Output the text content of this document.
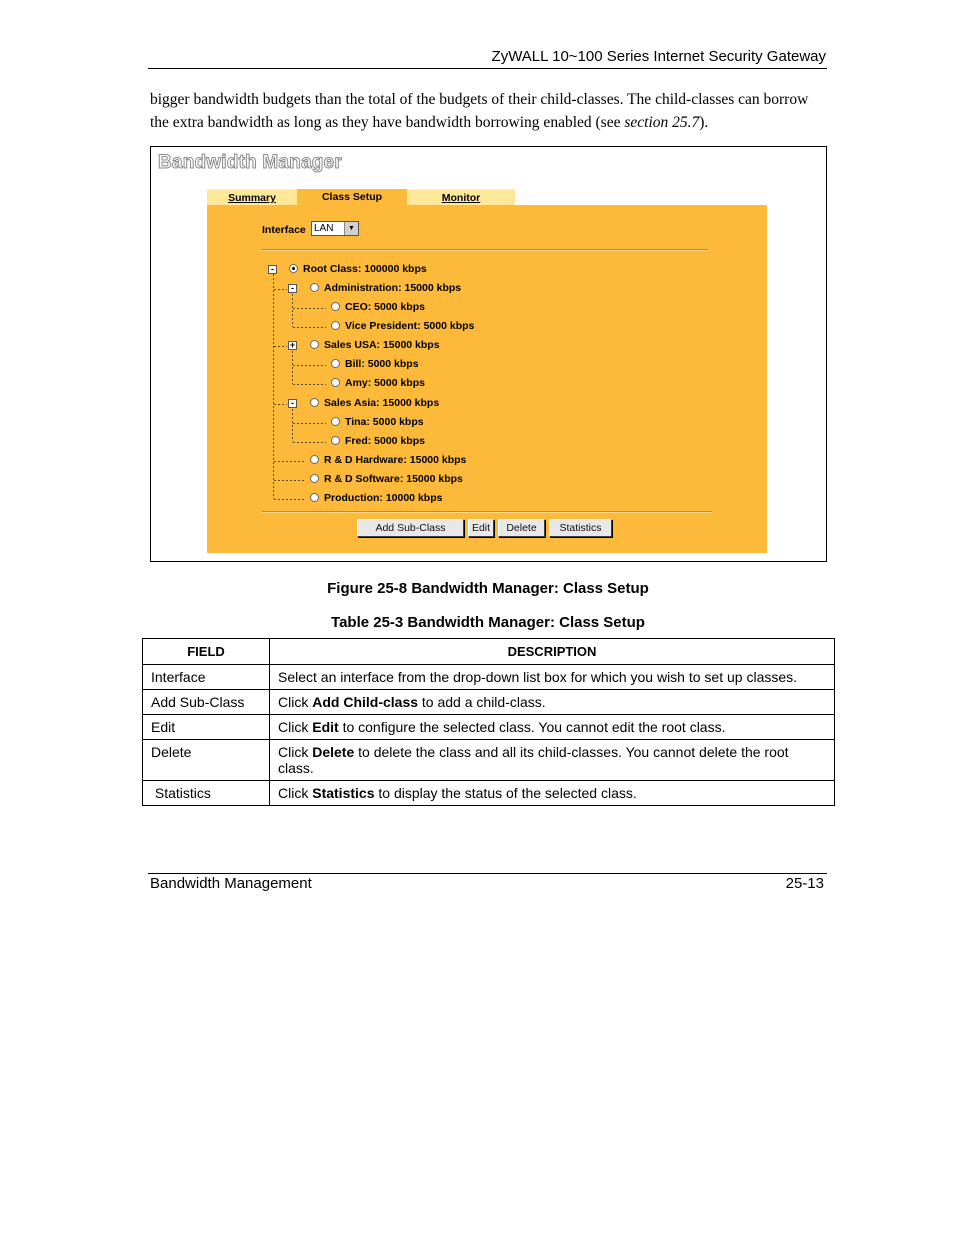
ZyWALL 10~100 Series Internet Security Gateway
bigger bandwidth budgets than the total of the budgets of their child-classes. The child-classes can borrow the extra bandwidth as long as they have bandwidth borrowing enabled (see section 25.7).
Bandwidth Manager
Summary	Class Setup	Monitor
Interface LAN	▼
-
-
+
-
Root Class: 100000 kbps
Administration: 15000 kbps
CEO: 5000 kbps
Vice President: 5000 kbps
Sales USA: 15000 kbps
Bill: 5000 kbps
Amy: 5000 kbps
Sales Asia: 15000 kbps
Tina: 5000 kbps
Fred: 5000 kbps
R & D Hardware: 15000 kbps
R & D Software: 15000 kbps
Production: 10000 kbps
Add Sub-Class	Edit	Delete	Statistics
Figure 25-8 Bandwidth Manager: Class Setup
Table 25-3 Bandwidth Manager: Class Setup
FIELD	DESCRIPTION
Interface	Select an interface from the drop-down list box for which you wish to set up classes.
Add Sub-Class	Click Add Child-class to add a child-class.
Edit	Click Edit to configure the selected class. You cannot edit the root class.
Delete	Click Delete to delete the class and all its child-classes. You cannot delete the root class.
Statistics	Click Statistics to display the status of the selected class.
Bandwidth Management	25-13
